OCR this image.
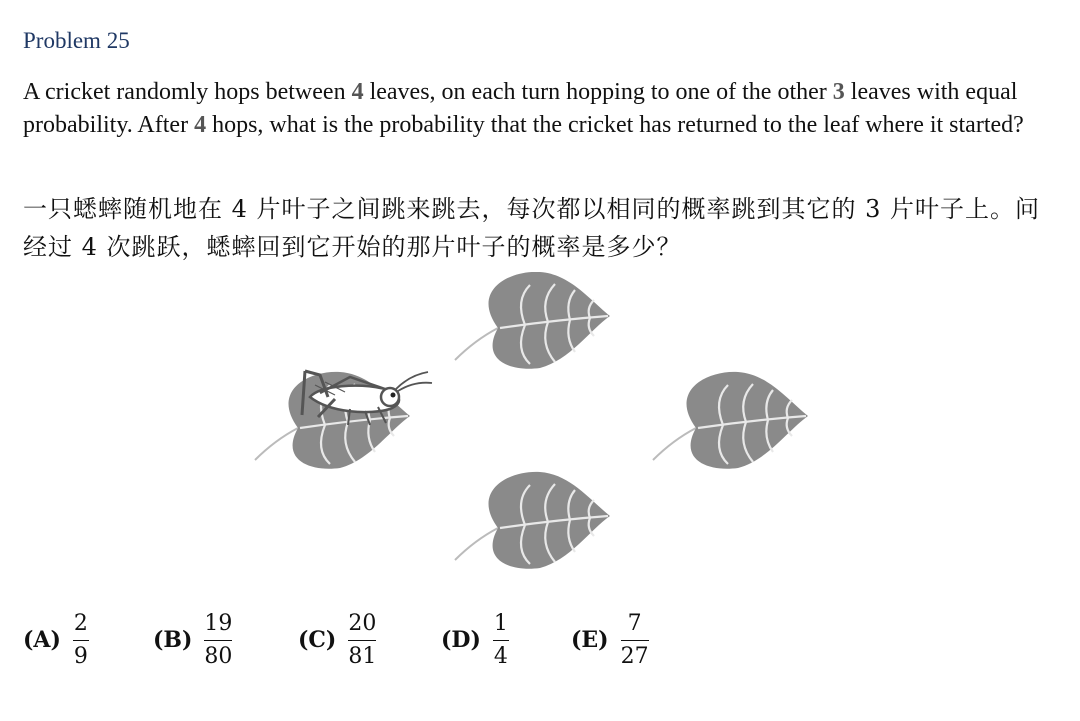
Problem 25
A cricket randomly hops between 4 leaves, on each turn hopping to one of the other 3 leaves with equal probability. After 4 hops, what is the probability that the cricket has returned to the leaf where it started?
一只蟋蟀随机地在 4 片叶子之间跳来跳去，每次都以相同的概率跳到其它的 3 片叶子上。问经过 4 次跳跃，蟋蟀回到它开始的那片叶子的概率是多少？
$(A) \frac{2}{9}$	$(B) \frac{19}{80}$	$(C) \frac{20}{81}$	$(D) \frac{1}{4}$	$(E) \frac{7}{27}$
